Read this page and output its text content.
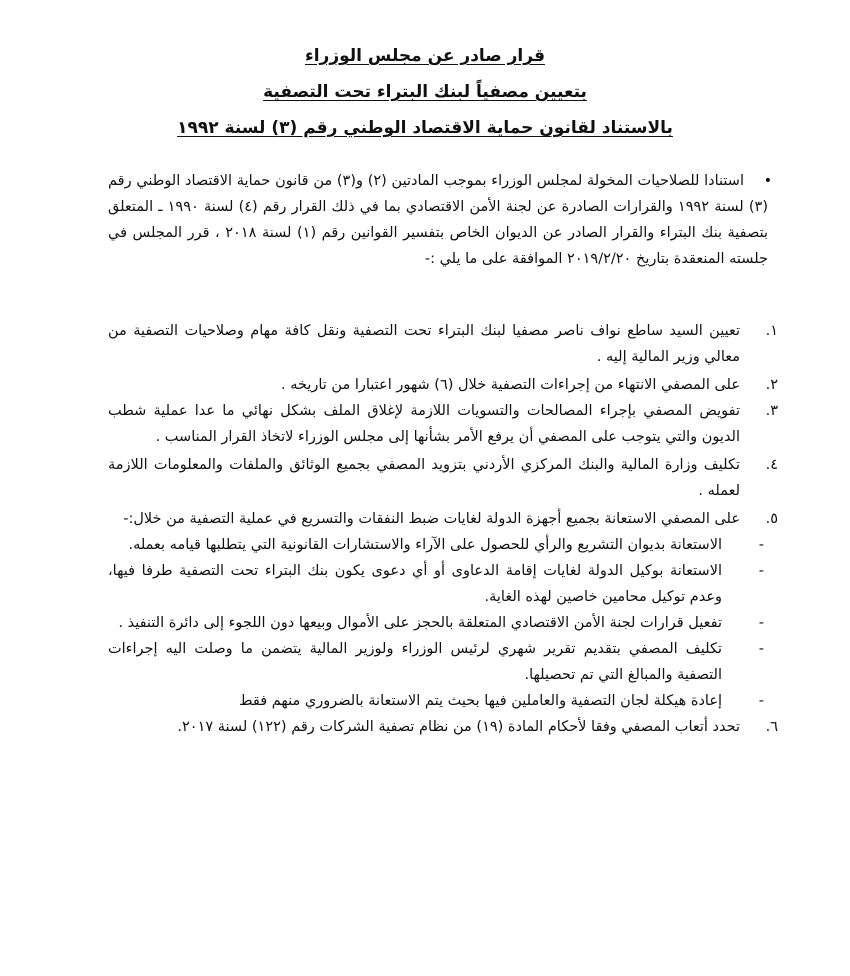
قرار صادر عن مجلس الوزراء
بتعيين مصفياً لبنك البتراء تحت التصفية
بالاستناد لقانون حماية الاقتصاد الوطني رقم (٣) لسنة ١٩٩٢
•
استنادا للصلاحيات المخولة لمجلس الوزراء بموجب المادتين (٢) و(٣) من قانون حماية الاقتصاد الوطني رقم (٣) لسنة ١٩٩٢ والقرارات الصادرة عن لجنة الأمن الاقتصادي بما في ذلك القرار رقم (٤) لسنة ١٩٩٠ ـ المتعلق بتصفية بنك البتراء والقرار الصادر عن الديوان الخاص بتفسير القوانين رقم (١) لسنة ٢٠١٨ ، قرر المجلس في جلسته المنعقدة بتاريخ ٢٠١٩/٢/٢٠ الموافقة على ما يلي :-
١.
تعيين السيد ساطع نواف ناصر مصفيا لبنك البتراء تحت التصفية ونقل كافة مهام وصلاحيات التصفية من معالي وزير المالية إليه .
٢.
على المصفي الانتهاء من إجراءات التصفية خلال (٦) شهور اعتبارا من تاريخه .
٣.
تفويض المصفي بإجراء المصالحات والتسويات اللازمة لإغلاق الملف بشكل نهائي ما عدا عملية شطب الديون والتي يتوجب على المصفي أن يرفع الأمر بشأنها إلى مجلس الوزراء لاتخاذ القرار المناسب .
٤.
تكليف وزارة المالية والبنك المركزي الأردني بتزويد المصفي بجميع الوثائق والملفات والمعلومات اللازمة لعمله .
٥.
على المصفي الاستعانة بجميع أجهزة الدولة لغايات ضبط النفقات والتسريع في عملية التصفية من خلال:-
-
الاستعانة بديوان التشريع والرأي للحصول على الآراء والاستشارات القانونية التي يتطلبها قيامه بعمله.
-
الاستعانة بوكيل الدولة لغايات إقامة الدعاوى أو أي دعوى يكون بنك البتراء تحت التصفية طرفا فيها، وعدم توكيل محامين خاصين لهذه الغاية.
-
تفعيل قرارات لجنة الأمن الاقتصادي المتعلقة بالحجز على الأموال وبيعها دون اللجوء إلى دائرة التنفيذ .
-
تكليف المصفي بتقديم تقرير شهري لرئيس الوزراء ولوزير المالية يتضمن ما وصلت اليه إجراءات التصفية والمبالغ التي تم تحصيلها.
-
إعادة هيكلة لجان التصفية والعاملين فيها بحيث يتم الاستعانة بالضروري منهم فقط
٦.
تحدد أتعاب المصفي وفقا لأحكام المادة (١٩) من نظام تصفية الشركات رقم (١٢٢) لسنة ٢٠١٧.
